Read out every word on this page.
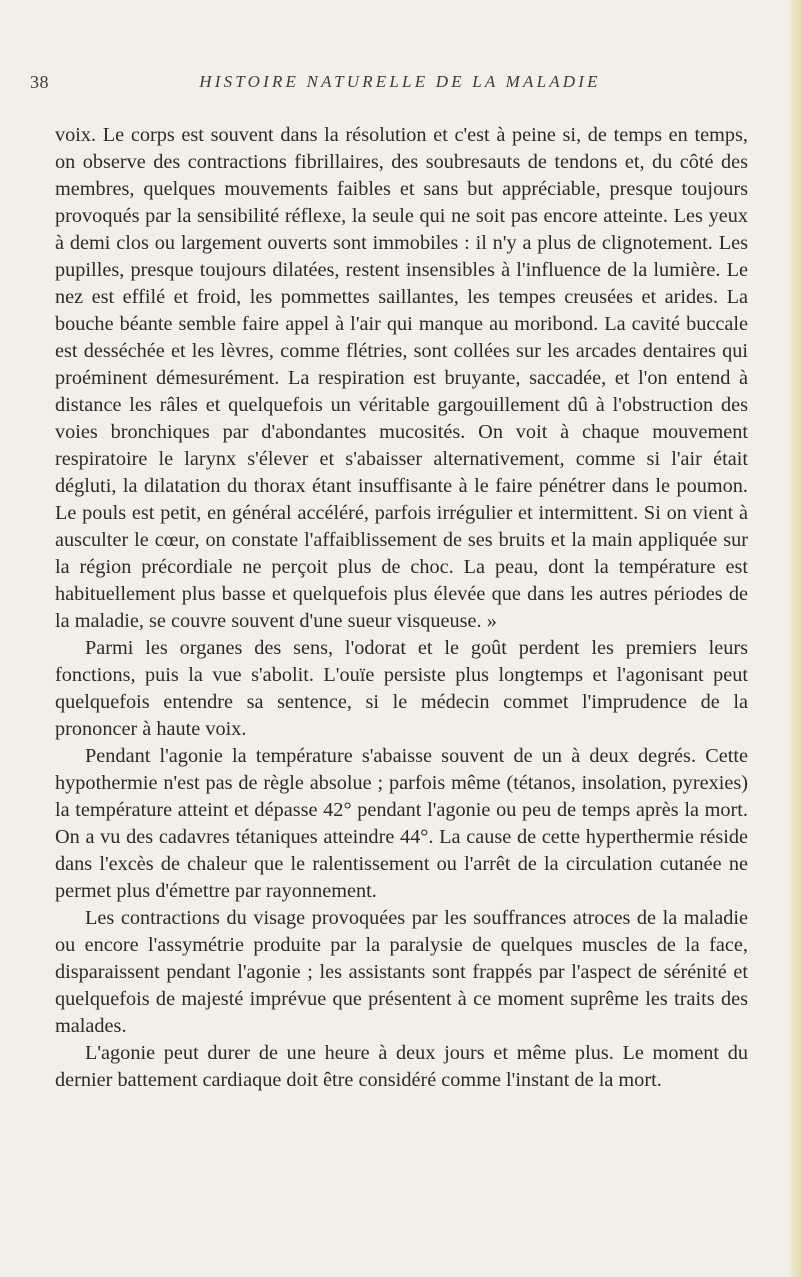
38	HISTOIRE NATURELLE DE LA MALADIE

voix. Le corps est souvent dans la résolution et c'est à peine si, de temps en temps, on observe des contractions fibrillaires, des soubresauts de tendons et, du côté des membres, quelques mouvements faibles et sans but appréciable, presque toujours provoqués par la sensibilité réflexe, la seule qui ne soit pas encore atteinte. Les yeux à demi clos ou largement ouverts sont immobiles : il n'y a plus de clignotement. Les pupilles, presque toujours dilatées, restent insensibles à l'influence de la lumière. Le nez est effilé et froid, les pommettes saillantes, les tempes creusées et arides. La bouche béante semble faire appel à l'air qui manque au moribond. La cavité buccale est desséchée et les lèvres, comme flétries, sont collées sur les arcades dentaires qui proéminent démesurément. La respiration est bruyante, saccadée, et l'on entend à distance les râles et quelquefois un véritable gargouillement dû à l'obstruction des voies bronchiques par d'abondantes mucosités. On voit à chaque mouvement respiratoire le larynx s'élever et s'abaisser alternativement, comme si l'air était dégluti, la dilatation du thorax étant insuffisante à le faire pénétrer dans le poumon. Le pouls est petit, en général accéléré, parfois irrégulier et intermittent. Si on vient à ausculter le cœur, on constate l'affaiblissement de ses bruits et la main appliquée sur la région précordiale ne perçoit plus de choc. La peau, dont la température est habituellement plus basse et quelquefois plus élevée que dans les autres périodes de la maladie, se couvre souvent d'une sueur visqueuse. »

Parmi les organes des sens, l'odorat et le goût perdent les premiers leurs fonctions, puis la vue s'abolit. L'ouïe persiste plus longtemps et l'agonisant peut quelquefois entendre sa sentence, si le médecin commet l'imprudence de la prononcer à haute voix.

Pendant l'agonie la température s'abaisse souvent de un à deux degrés. Cette hypothermie n'est pas de règle absolue ; parfois même (tétanos, insolation, pyrexies) la température atteint et dépasse 42° pendant l'agonie ou peu de temps après la mort. On a vu des cadavres tétaniques atteindre 44°. La cause de cette hyperthermie réside dans l'excès de chaleur que le ralentissement ou l'arrêt de la circulation cutanée ne permet plus d'émettre par rayonnement.

Les contractions du visage provoquées par les souffrances atroces de la maladie ou encore l'assymétrie produite par la paralysie de quelques muscles de la face, disparaissent pendant l'agonie ; les assistants sont frappés par l'aspect de sérénité et quelquefois de majesté imprévue que présentent à ce moment suprême les traits des malades.

L'agonie peut durer de une heure à deux jours et même plus. Le moment du dernier battement cardiaque doit être considéré comme l'instant de la mort.
